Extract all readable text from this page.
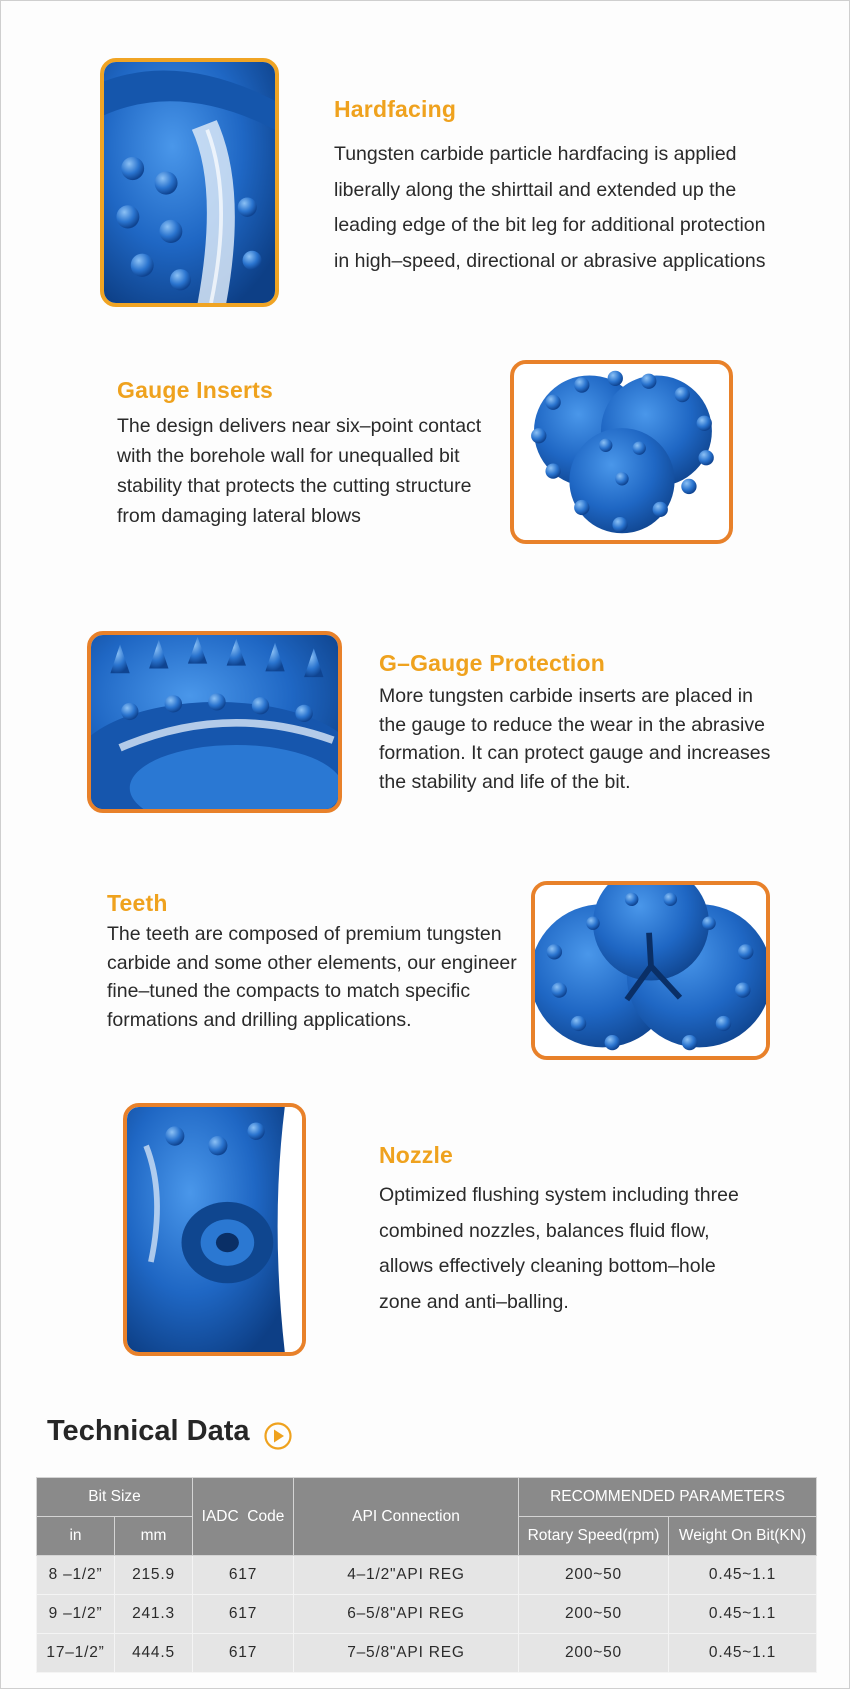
Hardfacing
Tungsten carbide particle hardfacing is applied
liberally along the shirttail and extended up the
leading edge of the bit leg for additional protection
in high–speed, directional or abrasive applications
Gauge Inserts
The design delivers near six–point contact
with the borehole wall for unequalled bit
stability that protects the cutting structure
from damaging lateral blows
G–Gauge Protection
More tungsten carbide inserts are placed in
the gauge to reduce the wear in the abrasive
formation. It can protect gauge and increases
the stability and life of the bit.
Teeth
The teeth are composed of premium tungsten
carbide and some other elements, our engineer
fine–tuned the compacts to match specific
formations and drilling applications.
Nozzle
Optimized flushing system including three
combined nozzles, balances fluid flow,
allows effectively cleaning bottom–hole
zone and anti–balling.
Technical Data
Bit Size		IADC  Code	API Connection	RECOMMENDED PARAMETERS	
in	mm			Rotary Speed(rpm)	Weight On Bit(KN)
8 –1/2”	215.9	617	4–1/2"API REG	200~50	0.45~1.1
9 –1/2”	241.3	617	6–5/8"API REG	200~50	0.45~1.1
17–1/2”	444.5	617	7–5/8"API REG	200~50	0.45~1.1
